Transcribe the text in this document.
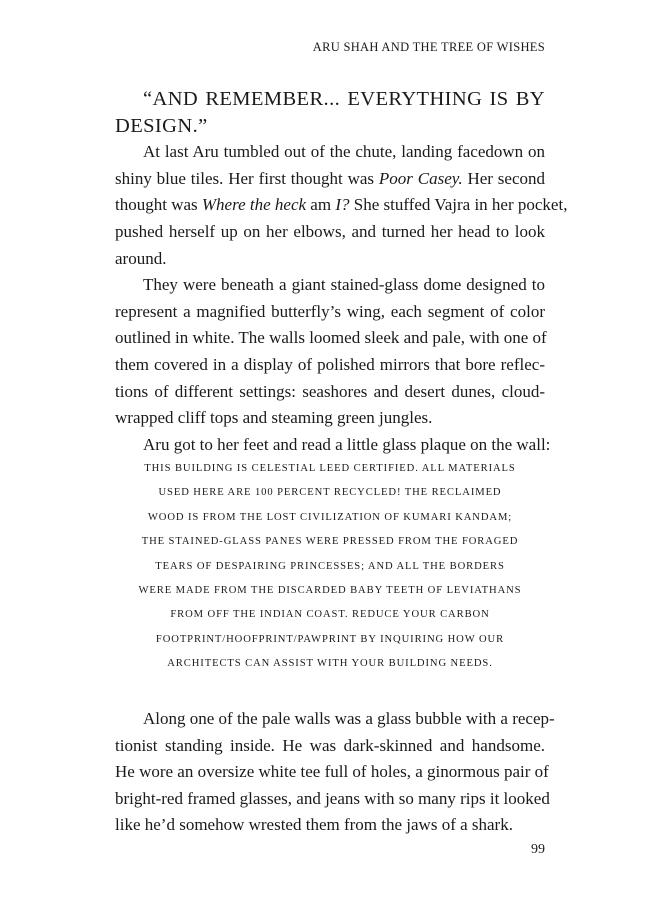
ARU SHAH AND THE TREE OF WISHES
“AND REMEMBER... EVERYTHING IS BY
DESIGN.”
At last Aru tumbled out of the chute, landing facedown on
shiny blue tiles. Her first thought was Poor Casey. Her second
thought was Where the heck am I? She stuffed Vajra in her pocket,
pushed herself up on her elbows, and turned her head to look
around.
They were beneath a giant stained-glass dome designed to
represent a magnified butterfly’s wing, each segment of color
outlined in white. The walls loomed sleek and pale, with one of
them covered in a display of polished mirrors that bore reflec-
tions of different settings: seashores and desert dunes, cloud-
wrapped cliff tops and steaming green jungles.
Aru got to her feet and read a little glass plaque on the wall:
THIS BUILDING IS CELESTIAL LEED CERTIFIED. ALL MATERIALS
USED HERE ARE 100 PERCENT RECYCLED! THE RECLAIMED
WOOD IS FROM THE LOST CIVILIZATION OF KUMARI KANDAM;
THE STAINED-GLASS PANES WERE PRESSED FROM THE FORAGED
TEARS OF DESPAIRING PRINCESSES; AND ALL THE BORDERS
WERE MADE FROM THE DISCARDED BABY TEETH OF LEVIATHANS
FROM OFF THE INDIAN COAST. REDUCE YOUR CARBON
FOOTPRINT/HOOFPRINT/PAWPRINT BY INQUIRING HOW OUR
ARCHITECTS CAN ASSIST WITH YOUR BUILDING NEEDS.
Along one of the pale walls was a glass bubble with a recep-
tionist standing inside. He was dark-skinned and handsome.
He wore an oversize white tee full of holes, a ginormous pair of
bright-red framed glasses, and jeans with so many rips it looked
like he’d somehow wrested them from the jaws of a shark.
99
